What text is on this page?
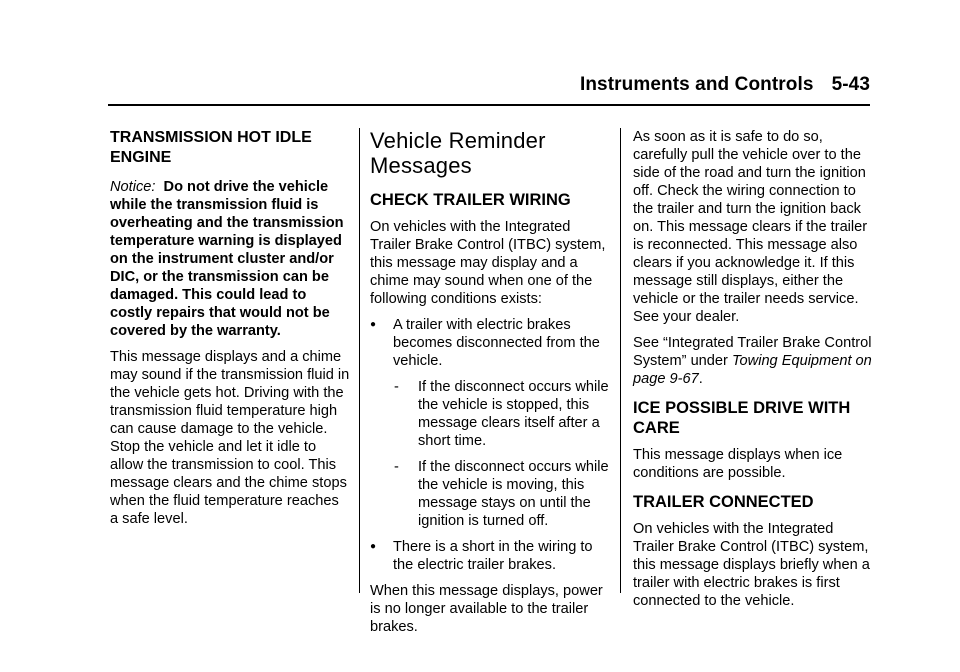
Instruments and Controls 5-43
TRANSMISSION HOT IDLE ENGINE

Notice: Do not drive the vehicle while the transmission fluid is overheating and the transmission temperature warning is displayed on the instrument cluster and/or DIC, or the transmission can be damaged. This could lead to costly repairs that would not be covered by the warranty.

This message displays and a chime may sound if the transmission fluid in the vehicle gets hot. Driving with the transmission fluid temperature high can cause damage to the vehicle. Stop the vehicle and let it idle to allow the transmission to cool. This message clears and the chime stops when the fluid temperature reaches a safe level.

Vehicle Reminder Messages
CHECK TRAILER WIRING

On vehicles with the Integrated Trailer Brake Control (ITBC) system, this message may display and a chime may sound when one of the following conditions exists:

● A trailer with electric brakes becomes disconnected from the vehicle.
-	If the disconnect occurs while the vehicle is stopped, this message clears itself after a short time.
-	If the disconnect occurs while the vehicle is moving, this message stays on until the ignition is turned off.
● There is a short in the wiring to the electric trailer brakes.

When this message displays, power is no longer available to the trailer brakes.

As soon as it is safe to do so, carefully pull the vehicle over to the side of the road and turn the ignition off. Check the wiring connection to the trailer and turn the ignition back on. This message clears if the trailer is reconnected. This message also clears if you acknowledge it. If this message still displays, either the vehicle or the trailer needs service. See your dealer.

See “Integrated Trailer Brake Control System” under Towing Equipment on page 9-67.

ICE POSSIBLE DRIVE WITH CARE

This message displays when ice conditions are possible.

TRAILER CONNECTED

On vehicles with the Integrated Trailer Brake Control (ITBC) system, this message displays briefly when a trailer with electric brakes is first connected to the vehicle.
